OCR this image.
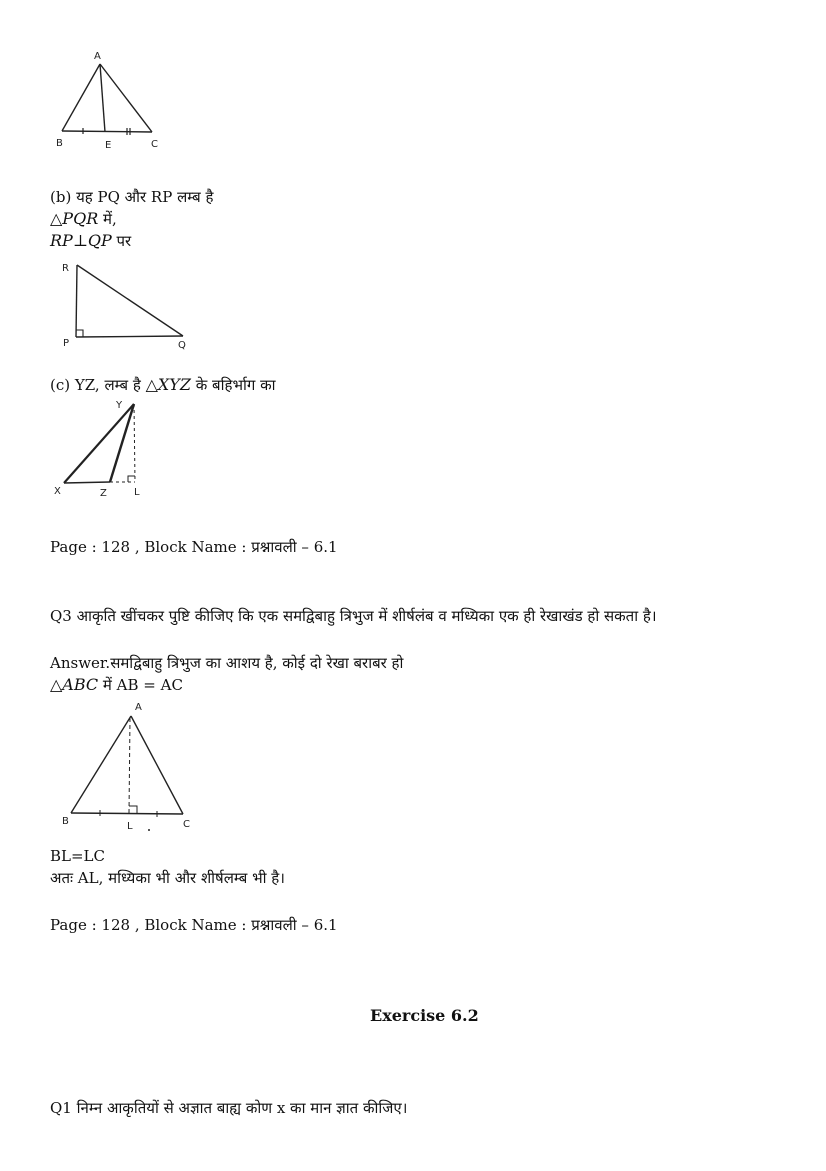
A
B	E	C
(b) यह PQ और RP लम्ब है
△PQR में,
RP⊥QP पर
R
P	Q
(c) YZ, लम्ब है △XYZ के बहिर्भाग का
Y
X	Z	L
Page : 128 , Block Name : प्रश्नावली – 6.1
Q3 आकृति खींचकर पुष्टि कीजिए कि एक समद्विबाहु त्रिभुज में शीर्षलंब व मध्यिका एक ही रेखाखंड हो सकता है।
Answer.समद्विबाहु त्रिभुज का आशय है, कोई दो रेखा बराबर हो
△ABC में AB = AC
A
B	L	C
BL=LC
अतः AL, मध्यिका भी और शीर्षलम्ब भी है।
Page : 128 , Block Name : प्रश्नावली – 6.1
Exercise 6.2
Q1 निम्न आकृतियों से अज्ञात बाह्य कोण x का मान ज्ञात कीजिए।
